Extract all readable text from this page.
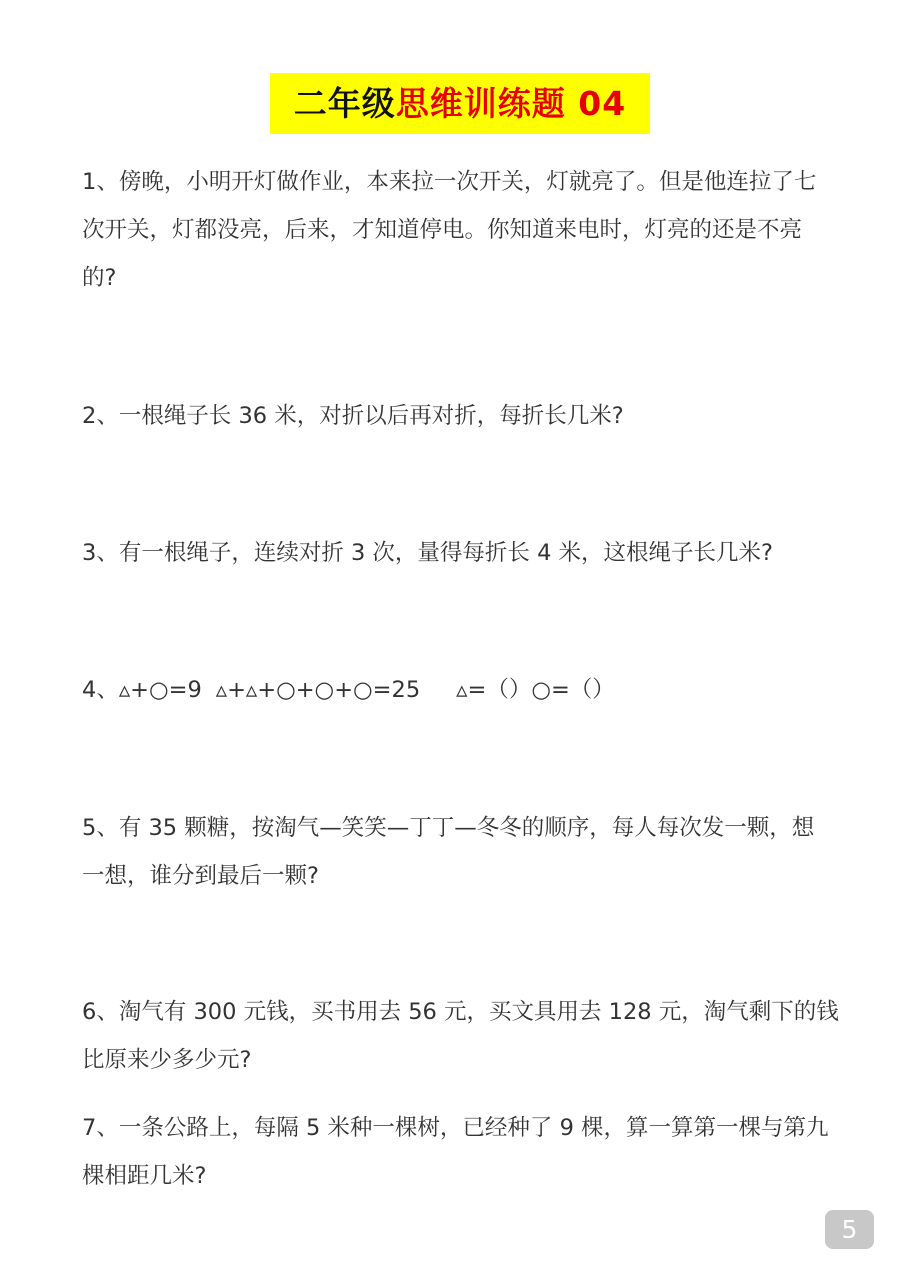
二年级思维训练题 04
1、傍晚，小明开灯做作业，本来拉一次开关，灯就亮了。但是他连拉了七
次开关，灯都没亮，后来，才知道停电。你知道来电时，灯亮的还是不亮
的?
2、一根绳子长 36 米，对折以后再对折，每折长几米?
3、有一根绳子，连续对折 3 次，量得每折长 4 米，这根绳子长几米?
4、▵+○=9 ▵+▵+○+○+○=25 ▵=（）○=（）
5、有 35 颗糖，按淘气—笑笑—丁丁—冬冬的顺序，每人每次发一颗，想
一想，谁分到最后一颗?
6、淘气有 300 元钱，买书用去 56 元，买文具用去 128 元，淘气剩下的钱
比原来少多少元?
7、一条公路上，每隔 5 米种一棵树，已经种了 9 棵，算一算第一棵与第九
棵相距几米?
5
